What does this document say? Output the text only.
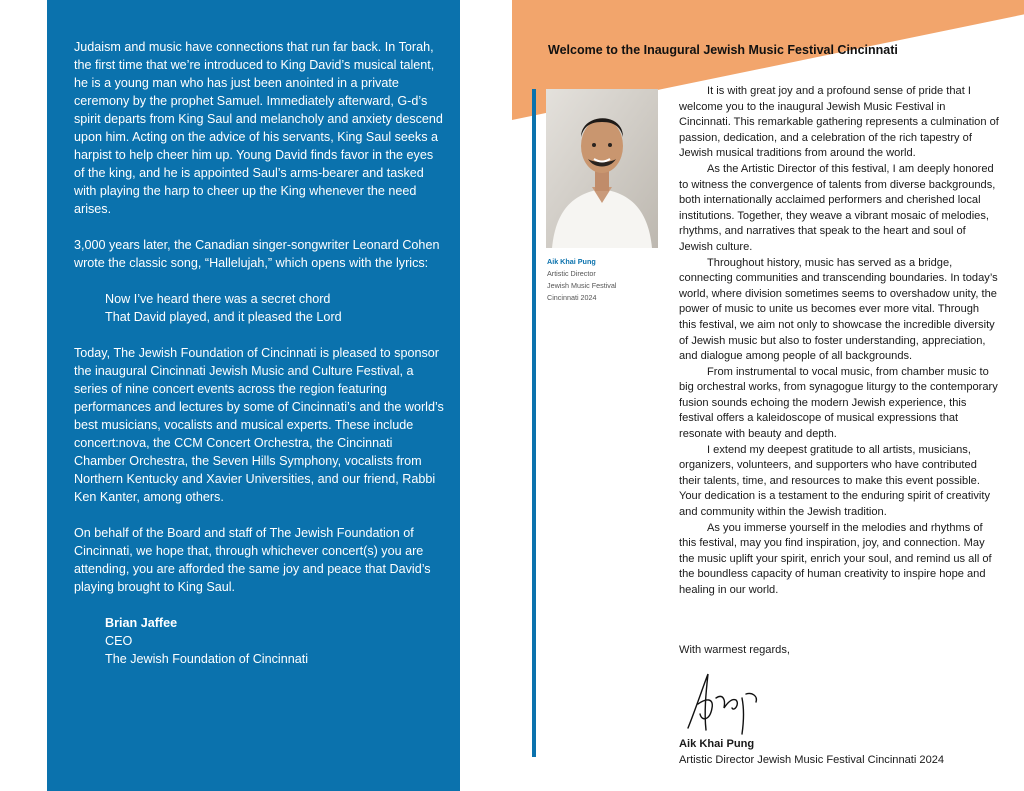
Judaism and music have connections that run far back. In Torah, the first time that we’re introduced to King David’s musical talent, he is a young man who has just been anointed in a private ceremony by the prophet Samuel. Immediately afterward, G-d’s spirit departs from King Saul and melancholy and anxiety descend upon him. Acting on the advice of his servants, King Saul seeks a harpist to help cheer him up. Young David finds favor in the eyes of the king, and he is appointed Saul’s arms-bearer and tasked with playing the harp to cheer up the King whenever the need arises.

3,000 years later, the Canadian singer-songwriter Leonard Cohen wrote the classic song, “Hallelujah,” which opens with the lyrics:

Now I’ve heard there was a secret chord
That David played, and it pleased the Lord

Today, The Jewish Foundation of Cincinnati is pleased to sponsor the inaugural Cincinnati Jewish Music and Culture Festival, a series of nine concert events across the region featuring performances and lectures by some of Cincinnati’s and the world’s best musicians, vocalists and musical experts. These include concert:nova, the CCM Concert Orchestra, the Cincinnati Chamber Orchestra, the Seven Hills Symphony, vocalists from Northern Kentucky and Xavier Universities, and our friend, Rabbi Ken Kanter, among others.

On behalf of the Board and staff of The Jewish Foundation of Cincinnati, we hope that, through whichever concert(s) you are attending, you are afforded the same joy and peace that David’s playing brought to King Saul.

Brian Jaffee
CEO
The Jewish Foundation of Cincinnati
Welcome to the Inaugural Jewish Music Festival Cincinnati
Aik Khai Pung
Artistic Director
Jewish Music Festival
Cincinnati 2024

It is with great joy and a profound sense of pride that I welcome you to the inaugural Jewish Music Festival in Cincinnati. This remarkable gathering represents a culmination of passion, dedication, and a celebration of the rich tapestry of Jewish musical traditions from around the world.

As the Artistic Director of this festival, I am deeply honored to witness the convergence of talents from diverse backgrounds, both internationally acclaimed performers and cherished local institutions. Together, they weave a vibrant mosaic of melodies, rhythms, and narratives that speak to the heart and soul of Jewish culture.

Throughout history, music has served as a bridge, connecting communities and transcending boundaries. In today’s world, where division sometimes seems to overshadow unity, the power of music to unite us becomes ever more vital. Through this festival, we aim not only to showcase the incredible diversity of Jewish music but also to foster understanding, appreciation, and dialogue among people of all backgrounds.

From instrumental to vocal music, from chamber music to big orchestral works, from synagogue liturgy to the contemporary fusion sounds echoing the modern Jewish experience, this festival offers a kaleidoscope of musical expressions that resonate with beauty and depth.

I extend my deepest gratitude to all artists, musicians, organizers, volunteers, and supporters who have contributed their talents, time, and resources to make this event possible. Your dedication is a testament to the enduring spirit of creativity and community within the Jewish tradition.

As you immerse yourself in the melodies and rhythms of this festival, may you find inspiration, joy, and connection. May the music uplift your spirit, enrich your soul, and remind us all of the boundless capacity of human creativity to inspire hope and healing in our world.

With warmest regards,
Aik Khai Pung
Artistic Director Jewish Music Festival Cincinnati 2024
